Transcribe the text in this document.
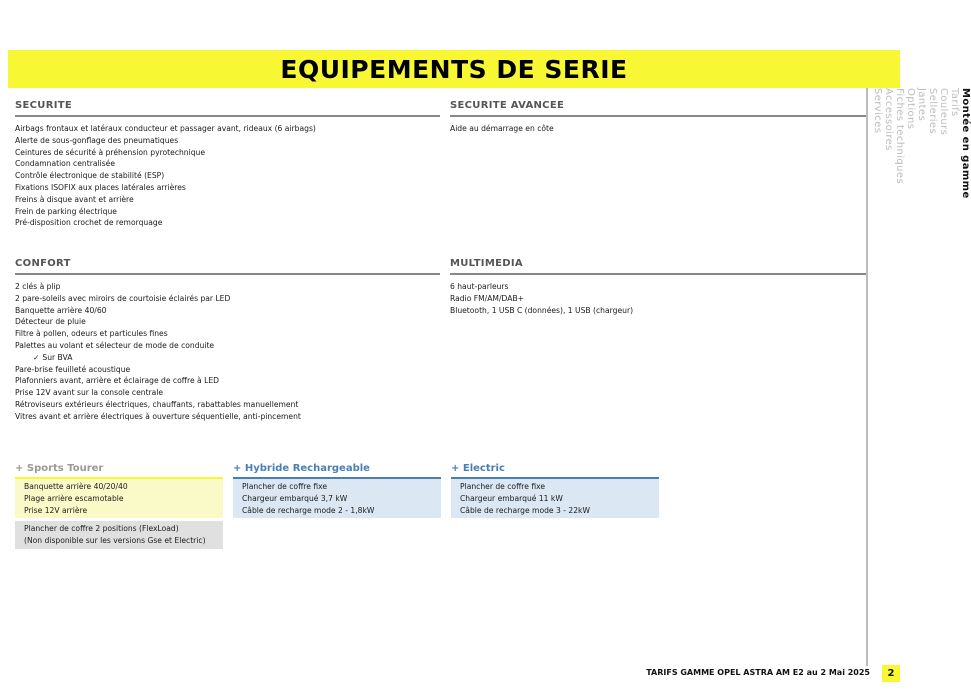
EQUIPEMENTS DE SERIE
SECURITE
Airbags frontaux et latéraux conducteur et passager avant, rideaux (6 airbags)
Alerte de sous-gonflage des pneumatiques
Ceintures de sécurité à préhension pyrotechnique
Condamnation centralisée
Contrôle électronique de stabilité (ESP)
Fixations ISOFIX aux places latérales arrières
Freins à disque avant et arrière
Frein de parking électrique
Pré-disposition crochet de remorquage
SECURITE AVANCEE
Aide au démarrage en côte
CONFORT
2 clés à plip
2 pare-soleils avec miroirs de courtoisie éclairés par LED
Banquette arrière 40/60
Détecteur de pluie
Filtre à pollen, odeurs et particules fines
Palettes au volant et sélecteur de mode de conduite
✓ Sur BVA
Pare-brise feuilleté acoustique
Plafonniers avant, arrière et éclairage de coffre à LED
Prise 12V avant sur la console centrale
Rétroviseurs extérieurs électriques, chauffants, rabattables manuellement
Vitres avant et arrière électriques à ouverture séquentielle, anti-pincement
MULTIMEDIA
6 haut-parleurs
Radio FM/AM/DAB+
Bluetooth, 1 USB C (données), 1 USB (chargeur)
+ Sports Tourer
Banquette arrière 40/20/40
Plage arrière escamotable
Prise 12V arrière
Plancher de coffre 2 positions (FlexLoad)
(Non disponible sur les versions Gse et Electric)
+ Hybride Rechargeable
Plancher de coffre fixe
Chargeur embarqué 3,7 kW
Câble de recharge mode 2 - 1,8kW
+ Electric
Plancher de coffre fixe
Chargeur embarqué 11 kW
Câble de recharge mode 3 - 22kW
Montée en gamme
Tarifs
Couleurs
Selleries
Jantes
Options
Fiches techniques
Accessoires
Services
TARIFS GAMME OPEL ASTRA AM E2 au 2 Mai 2025	2
